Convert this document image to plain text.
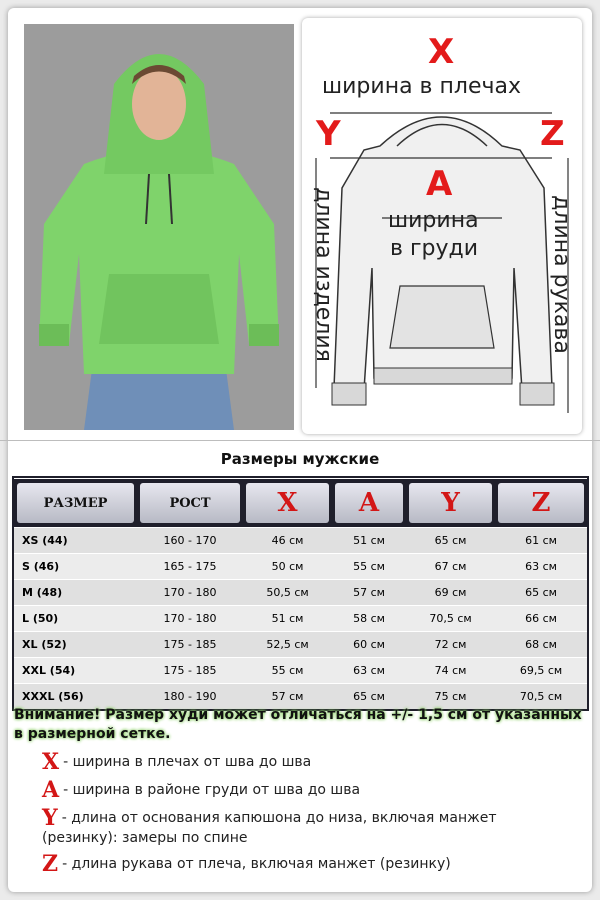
X
ширина в плечах
Y	Z
A
ширина
в груди
длина изделия	длина рукава
Размеры мужские
РАЗМЕР	РОСТ	X	A	Y	Z

XS (44)	160 - 170	46 см	51 см	65 см	61 см
S (46)	165 - 175	50 см	55 см	67 см	63 см
M (48)	170 - 180	50,5 см	57 см	69 см	65 см
L (50)	170 - 180	51 см	58 см	70,5 см	66 см
XL (52)	175 - 185	52,5 см	60 см	72 см	68 см
XXL (54)	175 - 185	55 см	63 см	74 см	69,5 см
XXXL (56)	180 - 190	57 см	65 см	75 см	70,5 см
Внимание! Размер худи может отличаться на +/- 1,5 см от указанных в размерной сетке.
X - ширина в плечах от шва до шва
A - ширина в районе груди от шва до шва
Y - длина от основания капюшона до низа, включая манжет (резинку): замеры по спине
Z - длина рукава от плеча, включая манжет (резинку)
